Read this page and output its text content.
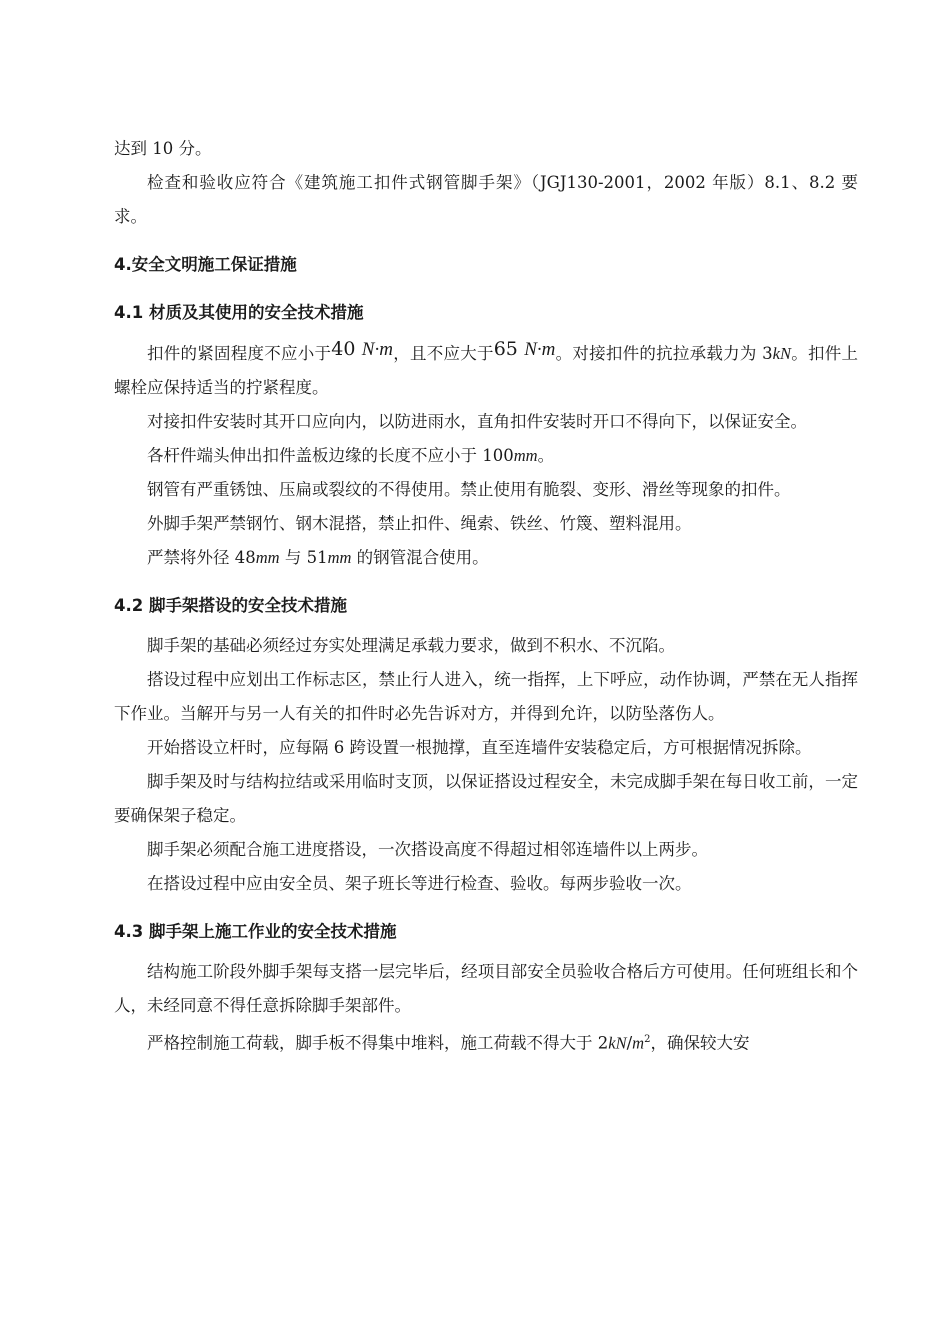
达到 10 分。

检查和验收应符合《建筑施工扣件式钢管脚手架》（JGJ130-2001，2002 年版）8.1、8.2 要求。

4.安全文明施工保证措施
4.1 材质及其使用的安全技术措施

扣件的紧固程度不应小于40 N·m，且不应大于65 N·m。对接扣件的抗拉承载力为 3kN。扣件上螺栓应保持适当的拧紧程度。

对接扣件安装时其开口应向内，以防进雨水，直角扣件安装时开口不得向下，以保证安全。

各杆件端头伸出扣件盖板边缘的长度不应小于 100mm。

钢管有严重锈蚀、压扁或裂纹的不得使用。禁止使用有脆裂、变形、滑丝等现象的扣件。

外脚手架严禁钢竹、钢木混搭，禁止扣件、绳索、铁丝、竹篾、塑料混用。

严禁将外径 48mm 与 51mm 的钢管混合使用。

4.2 脚手架搭设的安全技术措施

脚手架的基础必须经过夯实处理满足承载力要求，做到不积水、不沉陷。

搭设过程中应划出工作标志区，禁止行人进入，统一指挥，上下呼应，动作协调，严禁在无人指挥下作业。当解开与另一人有关的扣件时必先告诉对方，并得到允许，以防坠落伤人。

开始搭设立杆时，应每隔 6 跨设置一根抛撑，直至连墙件安装稳定后，方可根据情况拆除。

脚手架及时与结构拉结或采用临时支顶，以保证搭设过程安全，未完成脚手架在每日收工前，一定要确保架子稳定。

脚手架必须配合施工进度搭设，一次搭设高度不得超过相邻连墙件以上两步。

在搭设过程中应由安全员、架子班长等进行检查、验收。每两步验收一次。

4.3 脚手架上施工作业的安全技术措施

结构施工阶段外脚手架每支搭一层完毕后，经项目部安全员验收合格后方可使用。任何班组长和个人，未经同意不得任意拆除脚手架部件。

严格控制施工荷载，脚手板不得集中堆料，施工荷载不得大于 $2kN/m^2$，确保较大安
